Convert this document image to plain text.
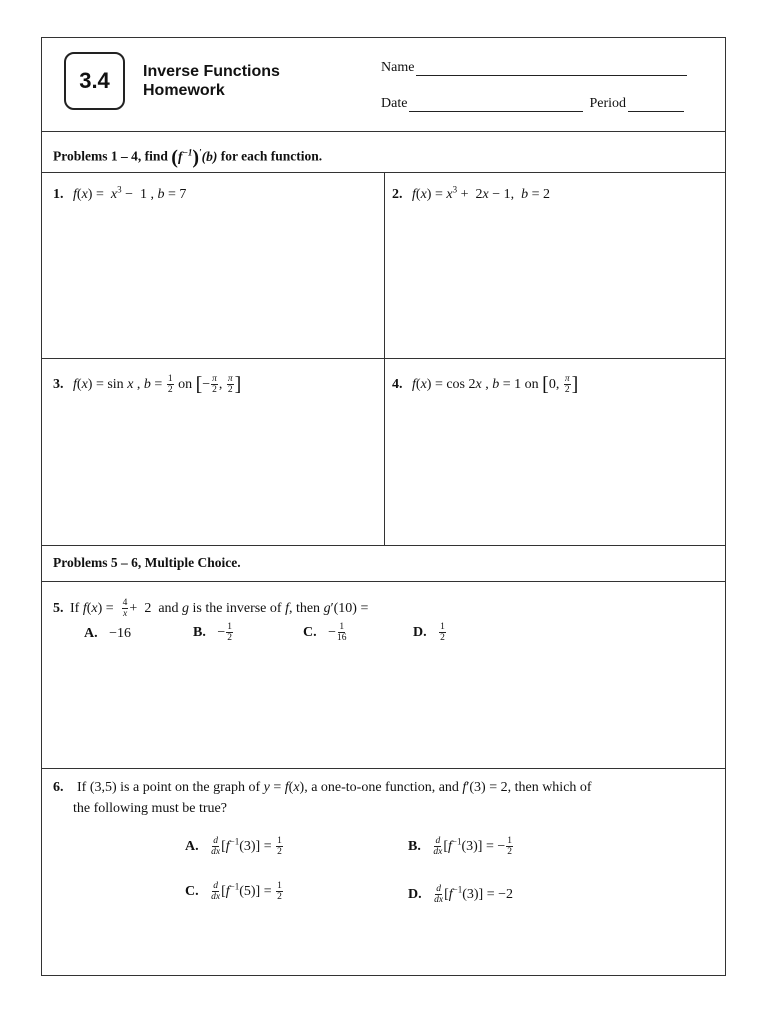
3.4	Inverse Functions
Homework
Name
Date	Period
Problems 1 – 4, find $(f^{-1})'(b)$ for each function.
1. $f(x) = x^3 - 1$ , b = 7	2. $f(x) = x^3 + 2x - 1$,  b = 2
3. f(x) = sin x , $b = \frac{1}{2}$ on [− $\frac{\pi}{2}$ , $\frac{\pi}{2}$ ]	4. f(x) = cos 2x , b = 1 on [0, $\frac{\pi}{2}$ ]
Problems 5 – 6, Multiple Choice.
5. If $f(x) = \frac{4}{x} + 2$  and g is the inverse of f, then g′(10) =
A. −16	B. − $\frac{1}{2}$	C. − $\frac{1}{16}$	D. $\frac{1}{2}$
6. If (3,5) is a point on the graph of y = f(x), a one-to-one function, and f′(3) = 2, then which of
the following must be true?
A. $\frac{d}{dx} [f^{-1}(3)] = \frac{1}{2}$	B. $\frac{d}{dx} [f^{-1}(3)]$ = − $\frac{1}{2}$
C. $\frac{d}{dx} [f^{-1}(5)] = \frac{1}{2}$	D. $\frac{d}{dx} [f^{-1}(3)] = -2$
